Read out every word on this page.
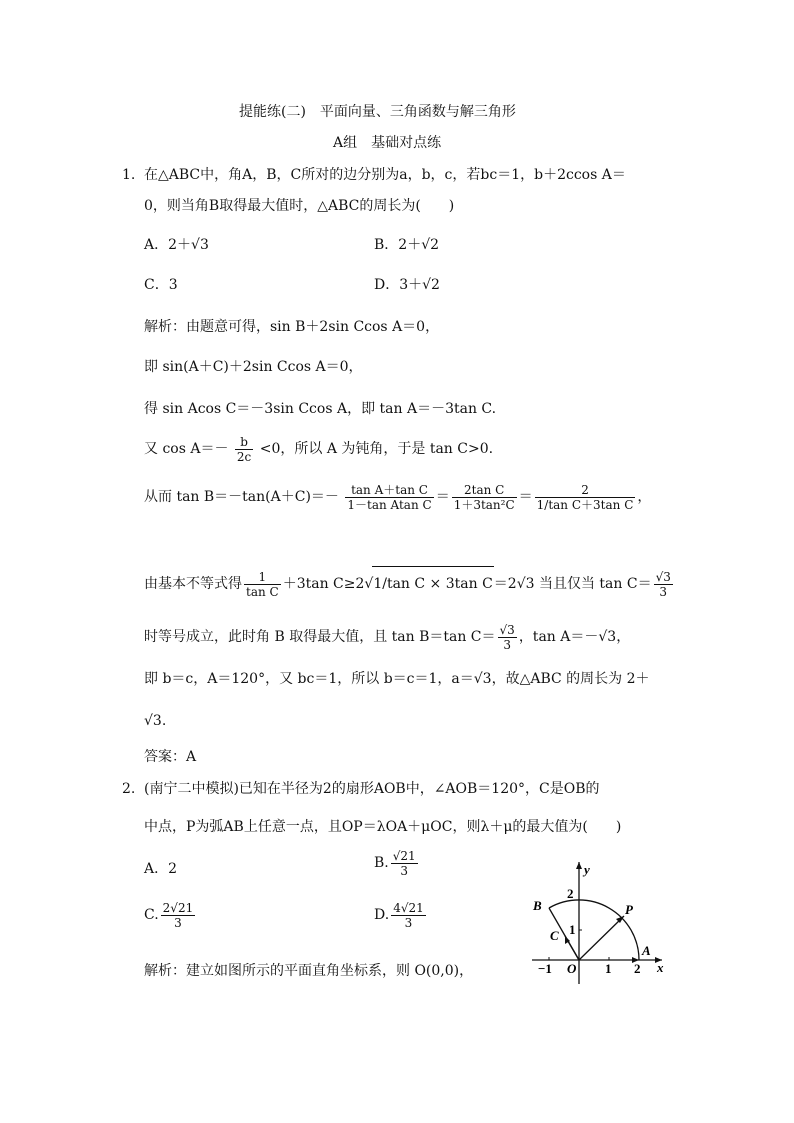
提能练(二)　平面向量、三角函数与解三角形
A组　基础对点练
1. 在△ABC中，角A，B，C所对的边分别为a，b，c，若bc＝1，b＋2ccos A＝
0，则当角B取得最大值时，△ABC的周长为(　　)
A．2＋√3	B．2＋√2
C．3	D．3＋√2
解析：由题意可得，sin B＋2sin Ccos A＝0，
即 sin(A＋C)＋2sin Ccos A＝0，
得 sin Acos C＝－3sin Ccos A，即 tan A＝－3tan C.
又 $\cos A=- \frac{b}{2c} <0$，所以 A 为钝角，于是 tan C>0.
从而 $\tan B=-\tan(A+C)=- \frac{\text{tan A＋tan C}}{\text{1－tan Atan C}} = \frac{\text{2tan C}}{\text{1＋3tan²C}} = \frac{2}{\text{1/tan C＋3tan C}}$ ，
由基本不等式得 $\frac{1}{\text{tan C}} +3\tan$ C≥2√1/tan C × 3tan C＝2√3 当且仅当 $\tan C= \frac{√3}{3}$
时等号成立，此时角 B 取得最大值，且 tan B＝tan $C= \frac{√3}{3}$ ，tan A＝－√3，
即 b＝c，A＝120°，又 bc＝1，所以 b＝c＝1，a＝√3，故△ABC 的周长为 2＋
√3.
答案：A
2. (南宁二中模拟)已知在半径为2的扇形AOB中，∠AOB＝120°，C是OB的
中点，P为弧AB上任意一点，且OP＝λOA＋μOC，则λ＋μ的最大值为(　　)
A．2	B. $\frac{√21}{3}$
C. $\frac{2√21}{3}$	D. $\frac{4√21}{3}$
解析：建立如图所示的平面直角坐标系，则 O(0,0)，
y
x
2
1
B
C
P
A
O
−1	1 2
